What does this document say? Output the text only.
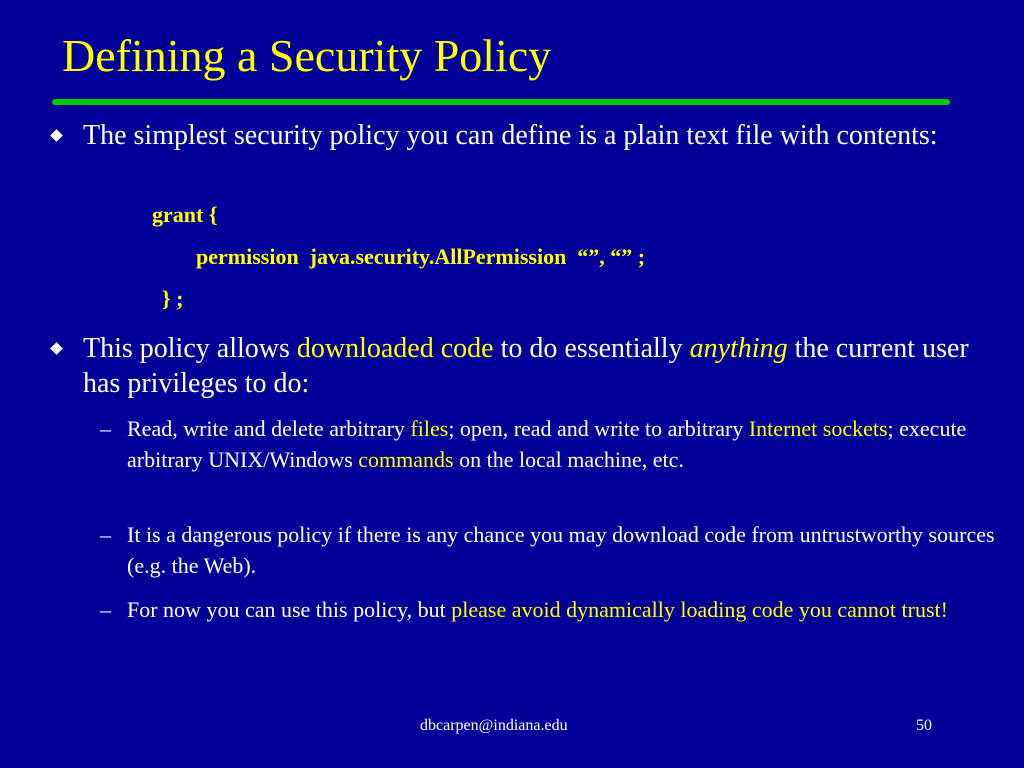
Defining a Security Policy
The simplest security policy you can define is a plain text file with contents:
grant {
permission  java.security.AllPermission  “”, “” ;
} ;
This policy allows downloaded code to do essentially anything the current user has privileges to do:
– Read, write and delete arbitrary files; open, read and write to arbitrary Internet sockets; execute arbitrary UNIX/Windows commands on the local machine, etc.
– It is a dangerous policy if there is any chance you may download code from untrustworthy sources (e.g. the Web).
– For now you can use this policy, but please avoid dynamically loading code you cannot trust!
dbcarpen@indiana.edu	50
